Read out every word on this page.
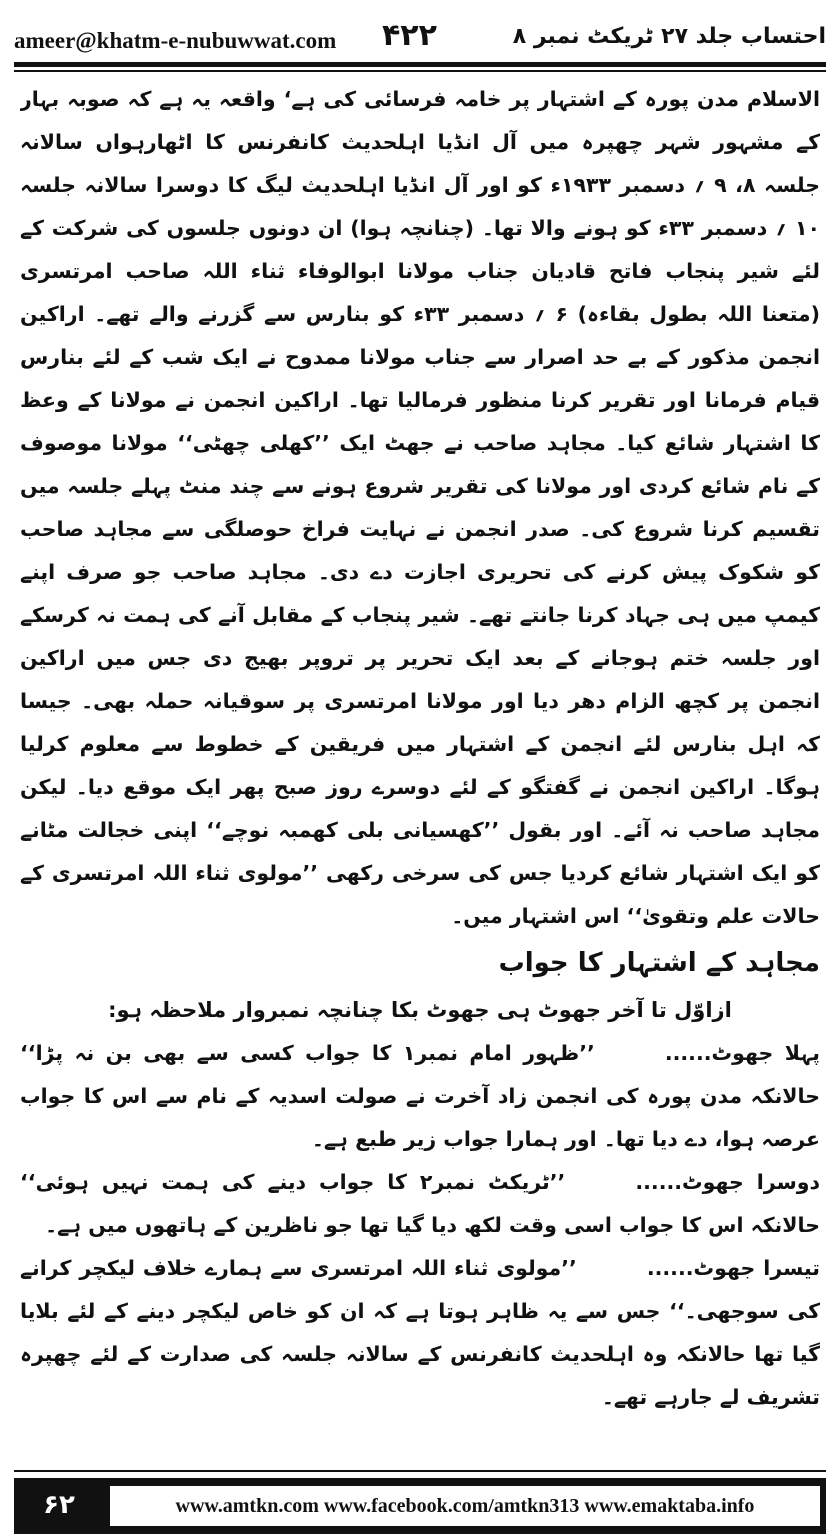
ameer@khatm-e-nubuwwat.com ۴۲۲	احتساب جلد ۲۷ ٹریکٹ نمبر ۸

الاسلام مدن پورہ کے اشتہار پر خامہ فرسائی کی ہے‘ واقعہ یہ ہے کہ صوبہ بہار کے مشہور شہر چھپرہ میں آل انڈیا اہلحدیث کانفرنس کا اٹھارہواں سالانہ جلسہ ۸، ۹ ؍ دسمبر ۱۹۳۳ء کو اور آل انڈیا اہلحدیث لیگ کا دوسرا سالانہ جلسہ ۱۰ ؍ دسمبر ۳۳ء کو ہونے والا تھا۔ (چنانچہ ہوا) ان دونوں جلسوں کی شرکت کے لئے شیر پنجاب فاتح قادیان جناب مولانا ابوالوفاء ثناء اللہ صاحب امرتسری (متعنا اللہ بطول بقاءہ) ۶ ؍ دسمبر ۳۳ء کو بنارس سے گزرنے والے تھے۔ اراکین انجمن مذکور کے بے حد اصرار سے جناب مولانا ممدوح نے ایک شب کے لئے بنارس قیام فرمانا اور تقریر کرنا منظور فرمالیا تھا۔ اراکین انجمن نے مولانا کے وعظ کا اشتہار شائع کیا۔ مجاہد صاحب نے جھٹ ایک ’’کھلی چھٹی‘‘ مولانا موصوف کے نام شائع کردی اور مولانا کی تقریر شروع ہونے سے چند منٹ پہلے جلسہ میں تقسیم کرنا شروع کی۔ صدر انجمن نے نہایت فراخ حوصلگی سے مجاہد صاحب کو شکوک پیش کرنے کی تحریری اجازت دے دی۔ مجاہد صاحب جو صرف اپنے کیمپ میں ہی جہاد کرنا جانتے تھے۔ شیر پنجاب کے مقابل آنے کی ہمت نہ کرسکے اور جلسہ ختم ہوجانے کے بعد ایک تحریر پر تروپر بھیج دی جس میں اراکین انجمن پر کچھ الزام دھر دیا اور مولانا امرتسری پر سوقیانہ حملہ بھی۔ جیسا کہ اہل بنارس لئے انجمن کے اشتہار میں فریقین کے خطوط سے معلوم کرلیا ہوگا۔ اراکین انجمن نے گفتگو کے لئے دوسرے روز صبح پھر ایک موقع دیا۔ لیکن مجاہد صاحب نہ آئے۔ اور بقول ’’کھسیانی بلی کھمبہ نوچے‘‘ اپنی خجالت مٹانے کو ایک اشتہار شائع کردیا جس کی سرخی رکھی ’’مولوی ثناء اللہ امرتسری کے حالات علم وتقویٰ‘‘ اس اشتہار میں۔

مجاہد کے اشتہار کا جواب

ازاوّل تا آخر جھوٹ ہی جھوٹ بکا چنانچہ نمبروار ملاحظہ ہو:

پہلا جھوٹ......’’ظہور امام نمبر۱ کا جواب کسی سے بھی بن نہ پڑا‘‘ حالانکہ مدن پورہ کی انجمن زاد آخرت نے صولت اسدیہ کے نام سے اس کا جواب عرصہ ہوا، دے دیا تھا۔ اور ہمارا جواب زیر طبع ہے۔

دوسرا جھوٹ......’’ٹریکٹ نمبر۲ کا جواب دینے کی ہمت نہیں ہوئی‘‘ حالانکہ اس کا جواب اسی وقت لکھ دیا گیا تھا جو ناظرین کے ہاتھوں میں ہے۔

تیسرا جھوٹ......’’مولوی ثناء اللہ امرتسری سے ہمارے خلاف لیکچر کرانے کی سوجھی۔‘‘ جس سے یہ ظاہر ہوتا ہے کہ ان کو خاص لیکچر دینے کے لئے بلایا گیا تھا حالانکہ وہ اہلحدیث کانفرنس کے سالانہ جلسہ کی صدارت کے لئے چھپرہ تشریف لے جارہے تھے۔

۶۲	www.amtkn.com www.facebook.com/amtkn313 www.emaktaba.info
